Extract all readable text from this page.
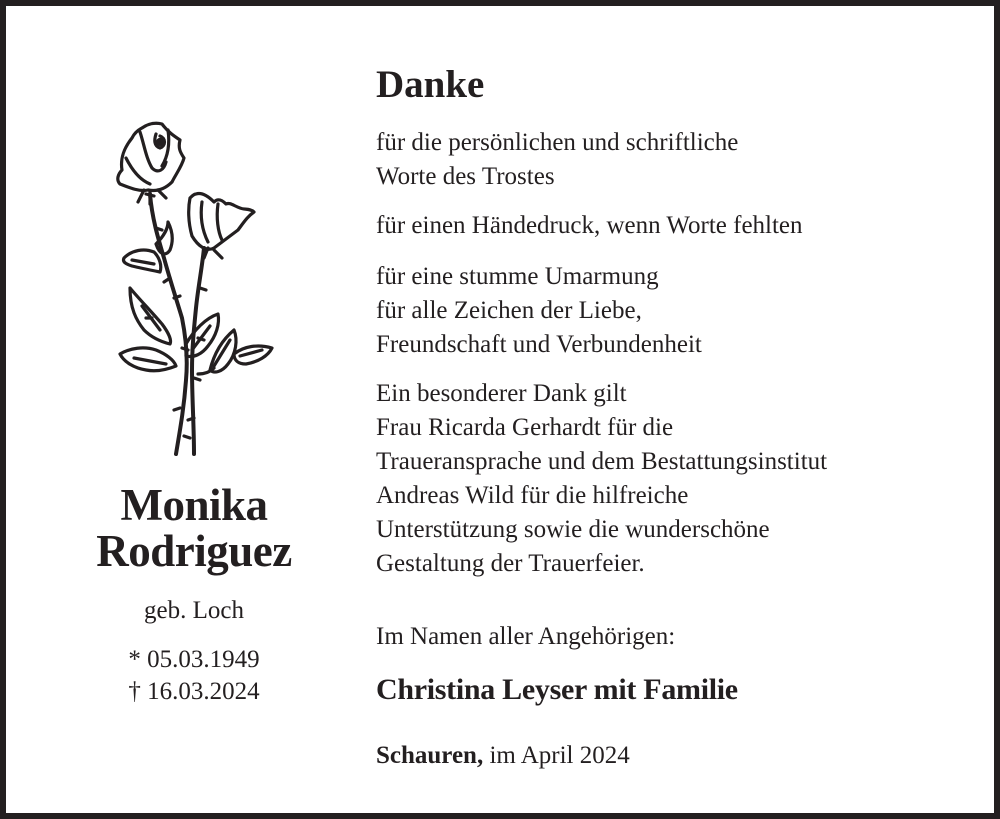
Monika
Rodriguez
geb. Loch
* 05.03.1949
† 16.03.2024
Danke
für die persönlichen und schriftliche
Worte des Trostes
für einen Händedruck, wenn Worte fehlten
für eine stumme Umarmung
für alle Zeichen der Liebe,
Freundschaft und Verbundenheit
Ein besonderer Dank gilt
Frau Ricarda Gerhardt für die
Traueransprache und dem Bestattungsinstitut
Andreas Wild für die hilfreiche
Unterstützung sowie die wunderschöne
Gestaltung der Trauerfeier.
Im Namen aller Angehörigen:
Christina Leyser mit Familie
Schauren, im April 2024
